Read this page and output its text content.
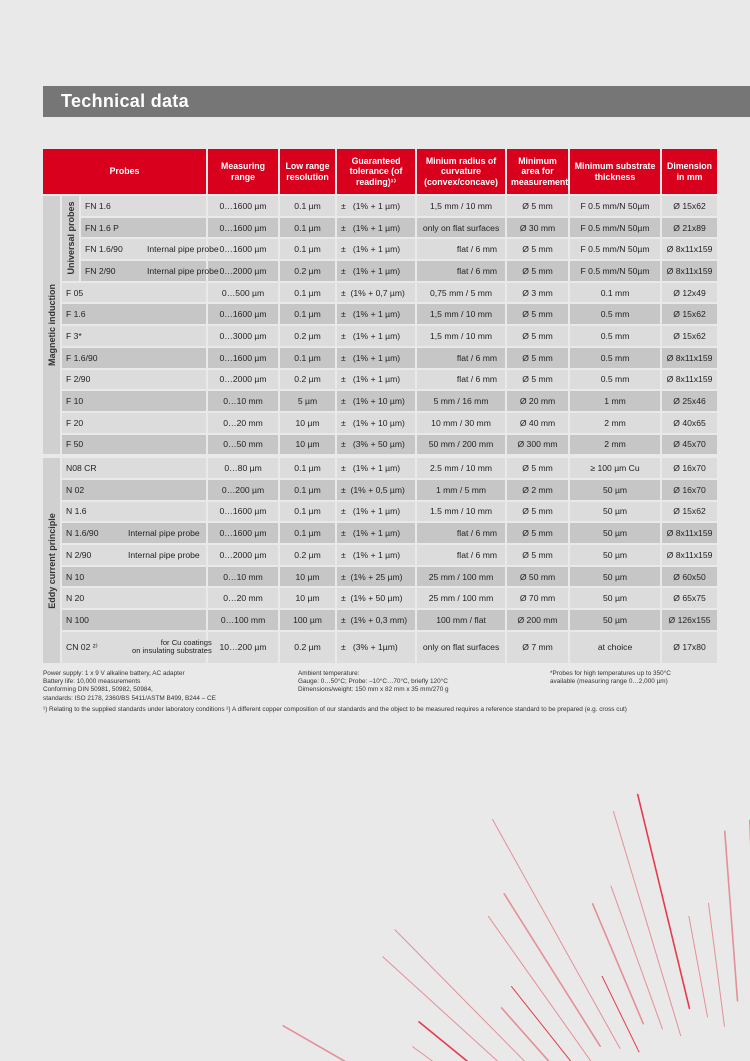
Technical data
Probes			Measuring range	Low range resolution	Guaranteed tolerance (of reading)¹⁾	Minium radius of curvature (convex/concave)	Minimum area for measurement	Minimum substrate thickness	Dimension in mm

Magnetic induction	Universal probes	FN 1.6	0…1600 µm	0.1 µm	±   (1% + 1 µm)	1,5 mm / 10 mm	Ø 5 mm	F 0.5 mm/N 50µm	Ø 15x62
		FN 1.6 P	0…1600 µm	0.1 µm	±   (1% + 1 µm)	only on flat surfaces	Ø 30 mm	F 0.5 mm/N 50µm	Ø 21x89
		FN 1.6/90 Internal pipe probe	0…1600 µm	0.1 µm	±   (1% + 1 µm)	flat / 6 mm	Ø 5 mm	F 0.5 mm/N 50µm	Ø 8x11x159
		FN 2/90 Internal pipe probe	0…2000 µm	0.2 µm	±   (1% + 1 µm)	flat / 6 mm	Ø 5 mm	F 0.5 mm/N 50µm	Ø 8x11x159
	F 05		0…500 µm	0.1 µm	±  (1% + 0,7 µm)	0,75 mm / 5 mm	Ø 3 mm	0.1 mm	Ø 12x49
	F 1.6		0…1600 µm	0.1 µm	±   (1% + 1 µm)	1,5 mm / 10 mm	Ø 5 mm	0.5 mm	Ø 15x62
	F 3*		0…3000 µm	0.2 µm	±   (1% + 1 µm)	1,5 mm / 10 mm	Ø 5 mm	0.5 mm	Ø 15x62
	F 1.6/90		0…1600 µm	0.1 µm	±   (1% + 1 µm)	flat / 6 mm	Ø 5 mm	0.5 mm	Ø 8x11x159
	F 2/90		0…2000 µm	0.2 µm	±   (1% + 1 µm)	flat / 6 mm	Ø 5 mm	0.5 mm	Ø 8x11x159
	F 10		0…10 mm	5 µm	±   (1% + 10 µm)	5 mm / 16 mm	Ø 20 mm	1 mm	Ø 25x46
	F 20		0…20 mm	10 µm	±   (1% + 10 µm)	10 mm / 30 mm	Ø 40 mm	2 mm	Ø 40x65
	F 50		0…50 mm	10 µm	±   (3% + 50 µm)	50 mm / 200 mm	Ø 300 mm	2 mm	Ø 45x70

Eddy current principle	N08 CR		0…80 µm	0.1 µm	±   (1% + 1 µm)	2.5 mm / 10 mm	Ø 5 mm	≥ 100 µm Cu	Ø 16x70
	N 02		0…200 µm	0.1 µm	±  (1% + 0,5 µm)	1 mm / 5 mm	Ø 2 mm	50 µm	Ø 16x70
	N 1.6		0…1600 µm	0.1 µm	±   (1% + 1 µm)	1.5 mm / 10 mm	Ø 5 mm	50 µm	Ø 15x62
	N 1.6/90 Internal pipe probe		0…1600 µm	0.1 µm	±   (1% + 1 µm)	flat / 6 mm	Ø 5 mm	50 µm	Ø 8x11x159
	N 2/90 Internal pipe probe		0…2000 µm	0.2 µm	±   (1% + 1 µm)	flat / 6 mm	Ø 5 mm	50 µm	Ø 8x11x159
	N 10		0…10 mm	10 µm	±  (1% + 25 µm)	25 mm / 100 mm	Ø 50 mm	50 µm	Ø 60x50
	N 20		0…20 mm	10 µm	±  (1% + 50 µm)	25 mm / 100 mm	Ø 70 mm	50 µm	Ø 65x75
	N 100		0…100 mm	100 µm	±  (1% + 0,3 mm)	100 mm / flat	Ø 200 mm	50 µm	Ø 126x155
	CN 02 ²⁾ for Cu coatings
on insulating substrates		10…200 µm	0.2 µm	±   (3% + 1µm)	only on flat surfaces	Ø 7 mm	at choice	Ø 17x80
Power supply: 1 x 9 V alkaline battery, AC adapter
Battery life: 10,000 measurements
Conforming DIN 50981, 50982, 50984,
standards: ISO 2178, 2360/BS 5411/ASTM B499, B244 – CE
Ambient temperature:
Gauge: 0…50°C; Probe: –10°C…70°C, briefly 120°C
Dimensions/weight: 150 mm x 82 mm x 35 mm/270 g
*Probes for high temperatures up to 350°C
available (measuring range 0…2,000 µm)
¹) Relating to the supplied standards under laboratory conditions ²) A different copper composition of our standards and the object to be measured requires a reference standard to be prepared (e.g. cross cut)
